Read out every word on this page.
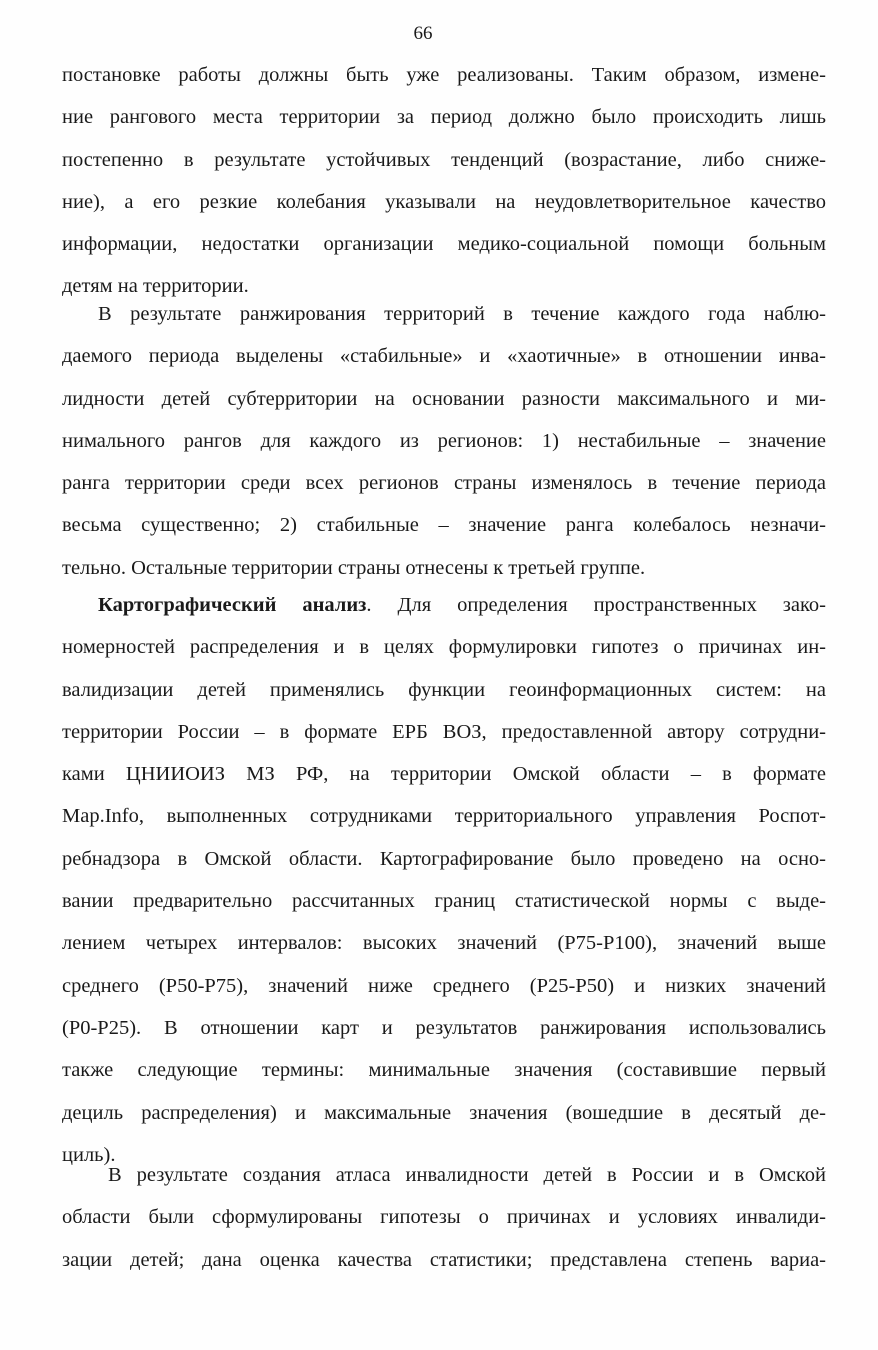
66
постановке работы должны быть уже реализованы. Таким образом, измене-
ние рангового места территории за период должно было происходить лишь
постепенно в результате устойчивых тенденций (возрастание, либо сниже-
ние), а его резкие колебания указывали на неудовлетворительное качество
информации, недостатки организации медико-социальной помощи больным
детям на территории.
В результате ранжирования территорий в течение каждого года наблю-
даемого периода выделены «стабильные» и «хаотичные» в отношении инва-
лидности детей субтерритории на основании разности максимального и ми-
нимального рангов для каждого из регионов: 1) нестабильные – значение
ранга территории среди всех регионов страны изменялось в течение периода
весьма существенно; 2) стабильные – значение ранга колебалось незначи-
тельно. Остальные территории страны отнесены к третьей группе.
Картографический анализ. Для определения пространственных зако-
номерностей распределения и в целях формулировки гипотез о причинах ин-
валидизации детей применялись функции геоинформационных систем: на
территории России – в формате ЕРБ ВОЗ, предоставленной автору сотрудни-
ками ЦНИИОИЗ МЗ РФ, на территории Омской области – в формате
Map.Info, выполненных сотрудниками территориального управления Роспот-
ребнадзора в Омской области. Картографирование было проведено на осно-
вании предварительно рассчитанных границ статистической нормы с выде-
лением четырех интервалов: высоких значений (Р75-Р100), значений выше
среднего (Р50-Р75), значений ниже среднего (Р25-Р50) и низких значений
(Р0-Р25). В отношении карт и результатов ранжирования использовались
также следующие термины: минимальные значения (составившие первый
дециль распределения) и максимальные значения (вошедшие в десятый де-
циль).
В результате создания атласа инвалидности детей в России и в Омской
области были сформулированы гипотезы о причинах и условиях инвалиди-
зации детей; дана оценка качества статистики; представлена степень вариа-
